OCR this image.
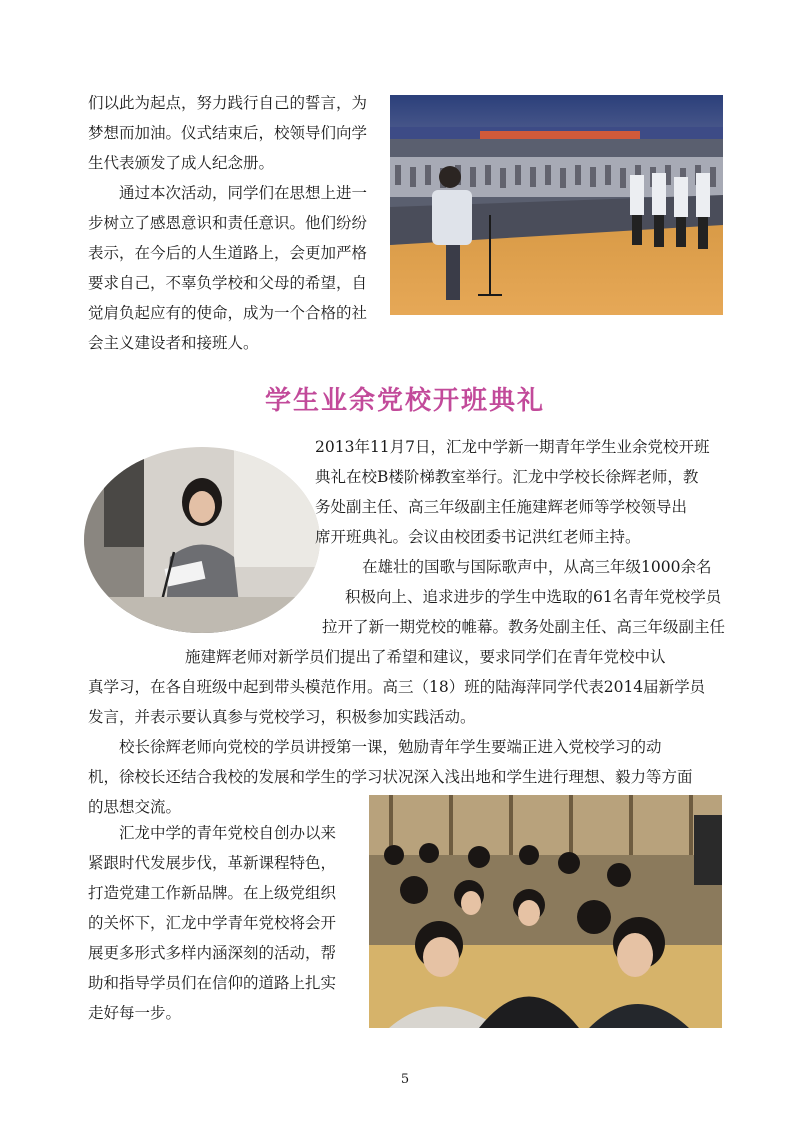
们以此为起点，努力践行自己的誓言，为
梦想而加油。仪式结束后，校领导们向学
生代表颁发了成人纪念册。
　　通过本次活动，同学们在思想上进一
步树立了感恩意识和责任意识。他们纷纷
表示，在今后的人生道路上，会更加严格
要求自己，不辜负学校和父母的希望，自
觉肩负起应有的使命，成为一个合格的社
会主义建设者和接班人。
学生业余党校开班典礼
2013年11月7日，汇龙中学新一期青年学生业余党校开班
典礼在校B楼阶梯教室举行。汇龙中学校长徐辉老师，教
务处副主任、高三年级副主任施建辉老师等学校领导出
席开班典礼。会议由校团委书记洪红老师主持。
在雄壮的国歌与国际歌声中，从高三年级1000余名
积极向上、追求进步的学生中选取的61名青年党校学员
拉开了新一期党校的帷幕。教务处副主任、高三年级副主任
施建辉老师对新学员们提出了希望和建议，要求同学们在青年党校中认
真学习，在各自班级中起到带头模范作用。高三（18）班的陆海萍同学代表2014届新学员
发言，并表示要认真参与党校学习，积极参加实践活动。
　　校长徐辉老师向党校的学员讲授第一课，勉励青年学生要端正进入党校学习的动
机，徐校长还结合我校的发展和学生的学习状况深入浅出地和学生进行理想、毅力等方面
的思想交流。
　　汇龙中学的青年党校自创办以来
紧跟时代发展步伐，革新课程特色，
打造党建工作新品牌。在上级党组织
的关怀下，汇龙中学青年党校将会开
展更多形式多样内涵深刻的活动，帮
助和指导学员们在信仰的道路上扎实
走好每一步。
5
